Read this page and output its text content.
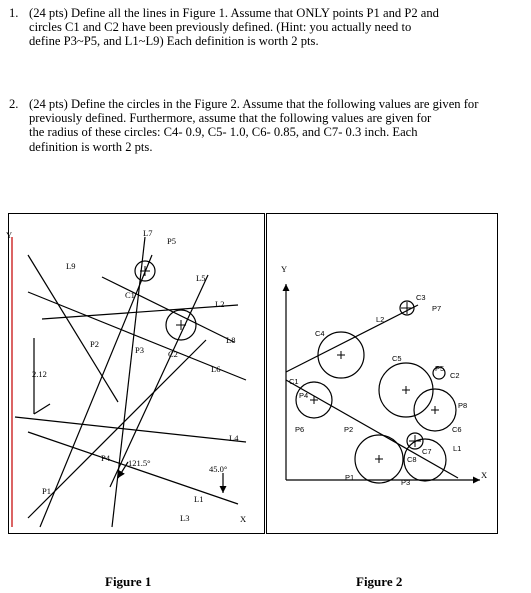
1. (24 pts) Define all the lines in Figure 1. Assume that ONLY points P1 and P2 and
circles C1 and C2 have been previously defined. (Hint: you actually need to
define P3~P5, and L1~L9) Each definition is worth 2 pts.
2. (24 pts) Define the circles in the Figure 2. Assume that the following values are given for
previously defined. Furthermore, assume that the following values are given for
the radius of these circles: C4- 0.9, C5- 1.0, C6- 0.85, and C7- 0.3 inch. Each
definition is worth 2 pts.
Y
L9
L7
P5
L5
C1
L2
L8
P2
P3	C2
L6
2.12
L4
P4 121.5°
45.0°
P1
L1
L3	X
Y
X
C3
P7
L2
C4
C5
P5
C2
C1
P4
P8
P6	P2	C6
C7	L1
C8
P1
P3
Figure 1	Figure 2
